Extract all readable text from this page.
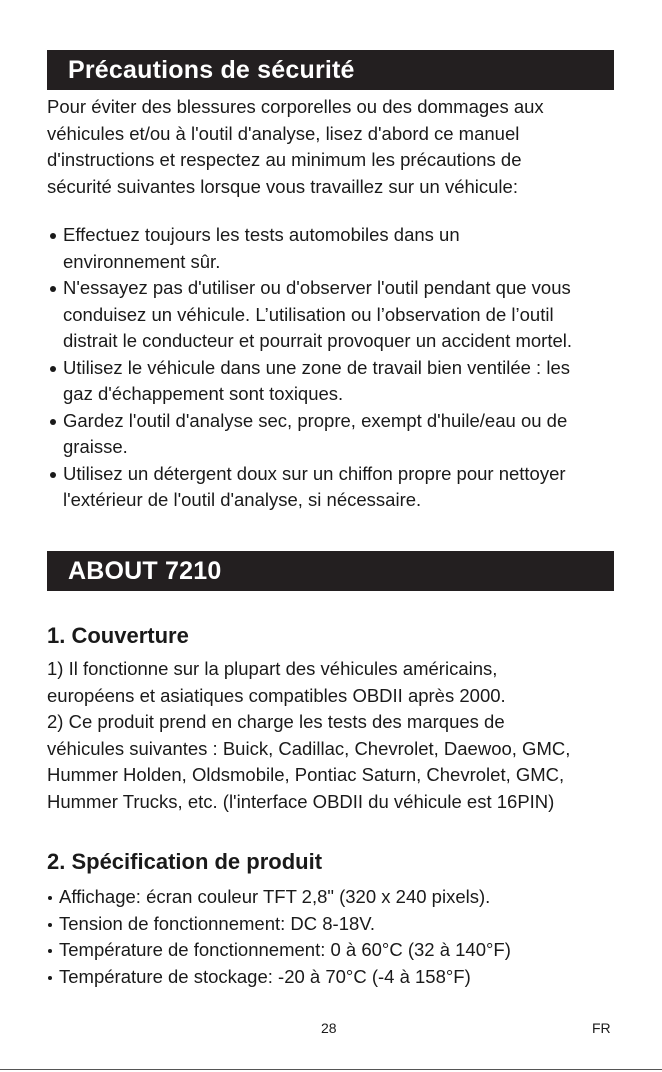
Précautions de sécurité

Pour éviter des blessures corporelles ou des dommages aux

véhicules et/ou à l'outil d'analyse, lisez d'abord ce manuel

d'instructions et respectez au minimum les précautions de

sécurité suivantes lorsque vous travaillez sur un véhicule:

Effectuez toujours les tests automobiles dans un

environnement sûr.

N'essayez pas d'utiliser ou d'observer l'outil pendant que vous

conduisez un véhicule. L’utilisation ou l’observation de l’outil

distrait le conducteur et pourrait provoquer un accident mortel.

Utilisez le véhicule dans une zone de travail bien ventilée : les

gaz d'échappement sont toxiques.

Gardez l'outil d'analyse sec, propre, exempt d'huile/eau ou de

graisse.

Utilisez un détergent doux sur un chiffon propre pour nettoyer

l'extérieur de l'outil d'analyse, si nécessaire.

ABOUT 7210
1. Couverture

1) Il fonctionne sur la plupart des véhicules américains,

européens et asiatiques compatibles OBDII après 2000.

2) Ce produit prend en charge les tests des marques de

véhicules suivantes : Buick, Cadillac, Chevrolet, Daewoo, GMC,

Hummer Holden, Oldsmobile, Pontiac Saturn, Chevrolet, GMC,

Hummer Trucks, etc. (l'interface OBDII du véhicule est 16PIN)

2. Spécification de produit

Affichage: écran couleur TFT 2,8" (320 x 240 pixels).

Tension de fonctionnement: DC 8-18V.

Température de fonctionnement: 0 à 60°C (32 à 140°F)

Température de stockage: -20 à 70°C (-4 à 158°F)

28	FR
